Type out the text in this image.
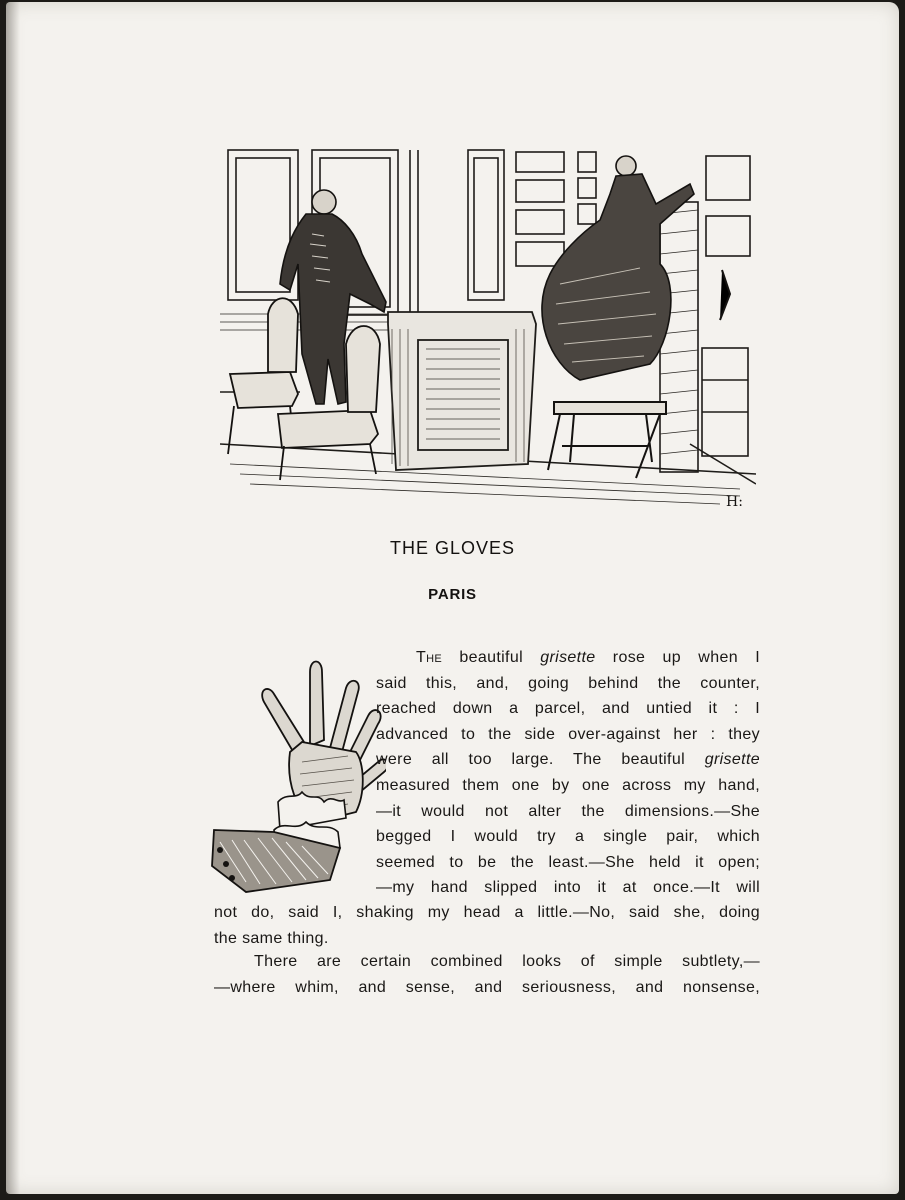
H:
THE GLOVES
PARIS
The beautiful grisette rose up when I
said this, and, going behind the counter,
reached down a parcel, and untied it : I
advanced to the side over-against her : they
were all too large. The beautiful grisette
measured them one by one across my hand,
—it would not alter the dimensions.—She
begged I would try a single pair, which
seemed to be the least.—She held it open;
—my hand slipped into it at once.—It will
not do, said I, shaking my head a little.—No, said she, doing
the same thing.
There are certain combined looks of simple subtlety,—
—where whim, and sense, and seriousness, and nonsense,
